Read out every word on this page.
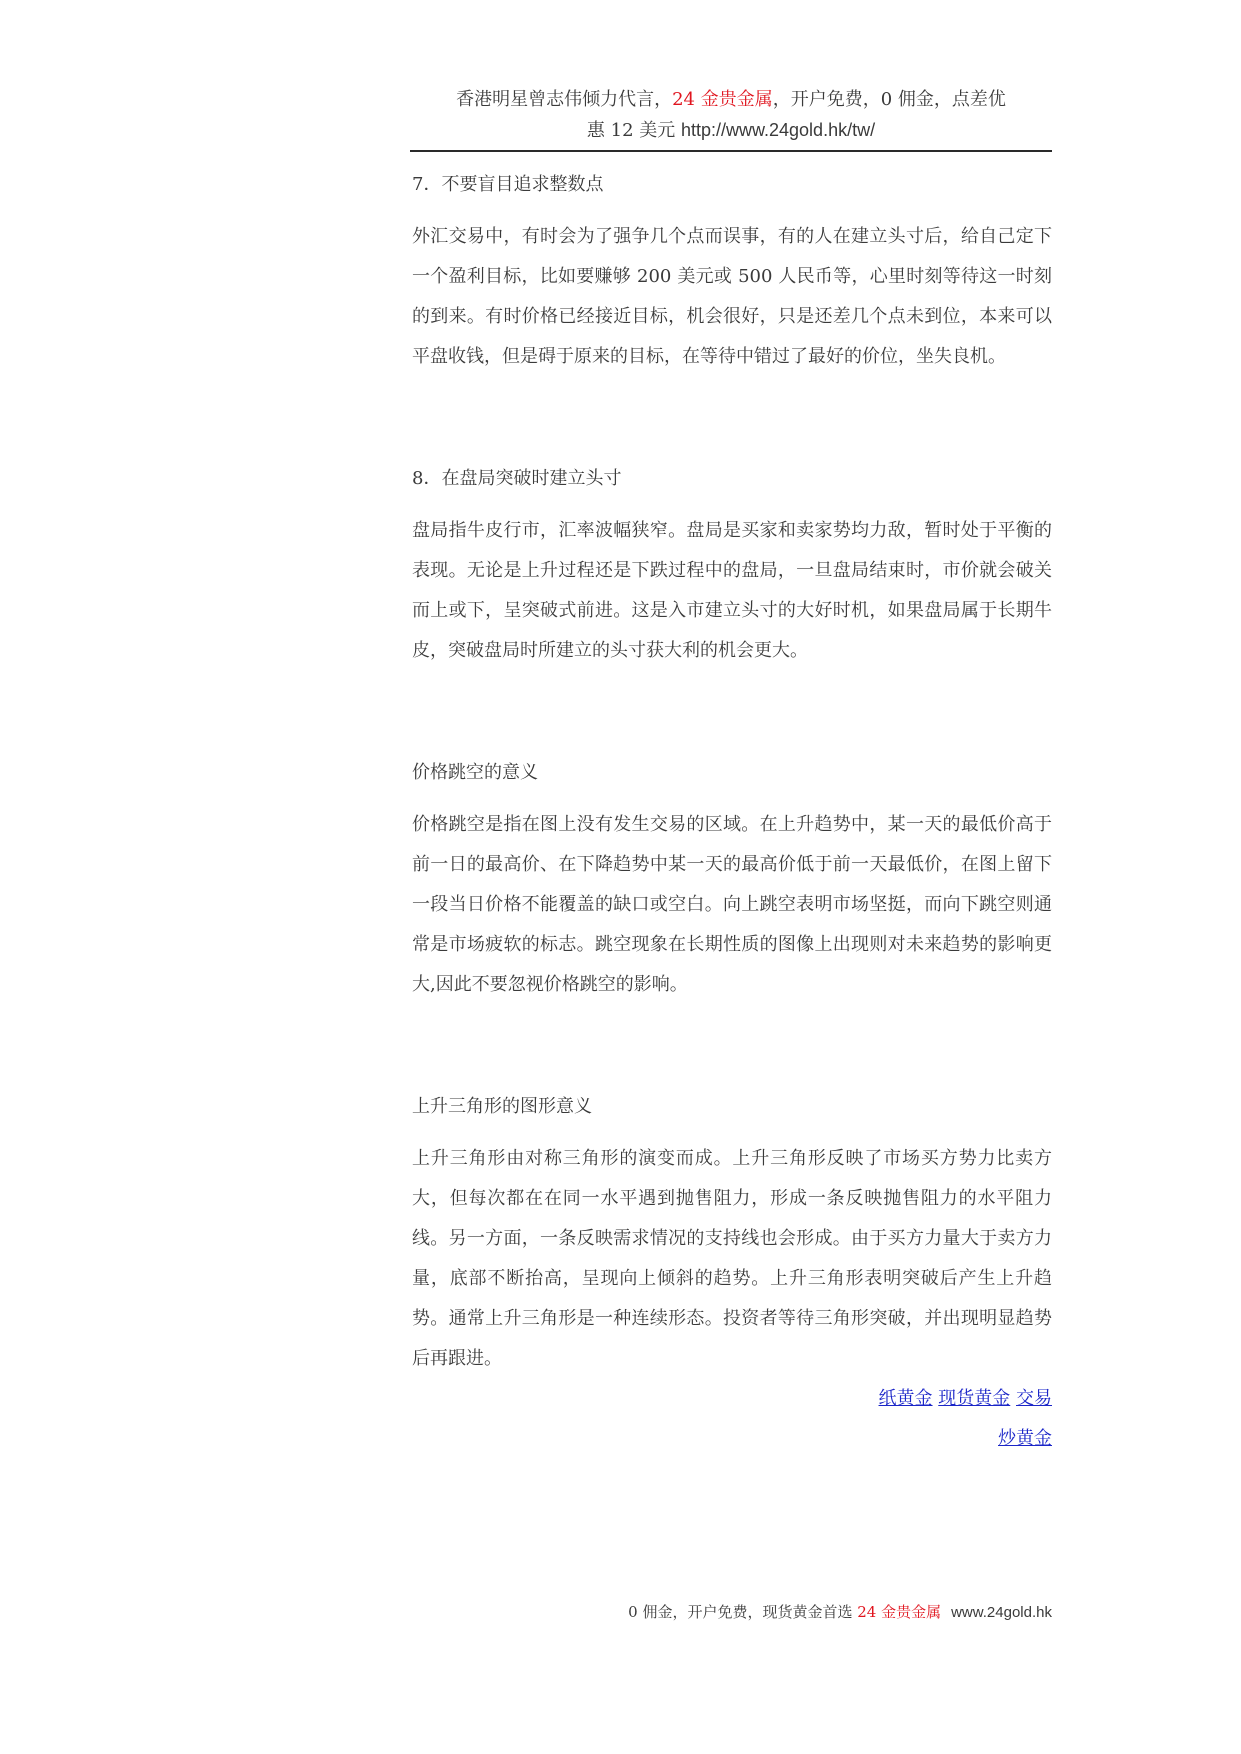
香港明星曾志伟倾力代言，24 金贵金属，开户免费，0 佣金，点差优
惠 12 美元 http://www.24gold.hk/tw/

7．不要盲目追求整数点

外汇交易中，有时会为了强争几个点而误事，有的人在建立头寸后，给自己定下一个盈利目标，比如要赚够 200 美元或 500 人民币等，心里时刻等待这一时刻的到来。有时价格已经接近目标，机会很好，只是还差几个点未到位，本来可以平盘收钱，但是碍于原来的目标，在等待中错过了最好的价位，坐失良机。

8．在盘局突破时建立头寸

盘局指牛皮行市，汇率波幅狭窄。盘局是买家和卖家势均力敌，暂时处于平衡的表现。无论是上升过程还是下跌过程中的盘局，一旦盘局结束时，市价就会破关而上或下，呈突破式前进。这是入市建立头寸的大好时机，如果盘局属于长期牛皮，突破盘局时所建立的头寸获大利的机会更大。

价格跳空的意义

价格跳空是指在图上没有发生交易的区域。在上升趋势中，某一天的最低价高于前一日的最高价、在下降趋势中某一天的最高价低于前一天最低价，在图上留下一段当日价格不能覆盖的缺口或空白。向上跳空表明市场坚挺，而向下跳空则通常是市场疲软的标志。跳空现象在长期性质的图像上出现则对未来趋势的影响更大,因此不要忽视价格跳空的影响。

上升三角形的图形意义

上升三角形由对称三角形的演变而成。上升三角形反映了市场买方势力比卖方大，但每次都在在同一水平遇到抛售阻力，形成一条反映抛售阻力的水平阻力线。另一方面，一条反映需求情况的支持线也会形成。由于买方力量大于卖方力量，底部不断抬高，呈现向上倾斜的趋势。上升三角形表明突破后产生上升趋势。通常上升三角形是一种连续形态。投资者等待三角形突破，并出现明显趋势后再跟进。

纸黄金 现货黄金 交易
炒黄金
0 佣金，开户免费，现货黄金首选 24 金贵金属 www.24gold.hk
